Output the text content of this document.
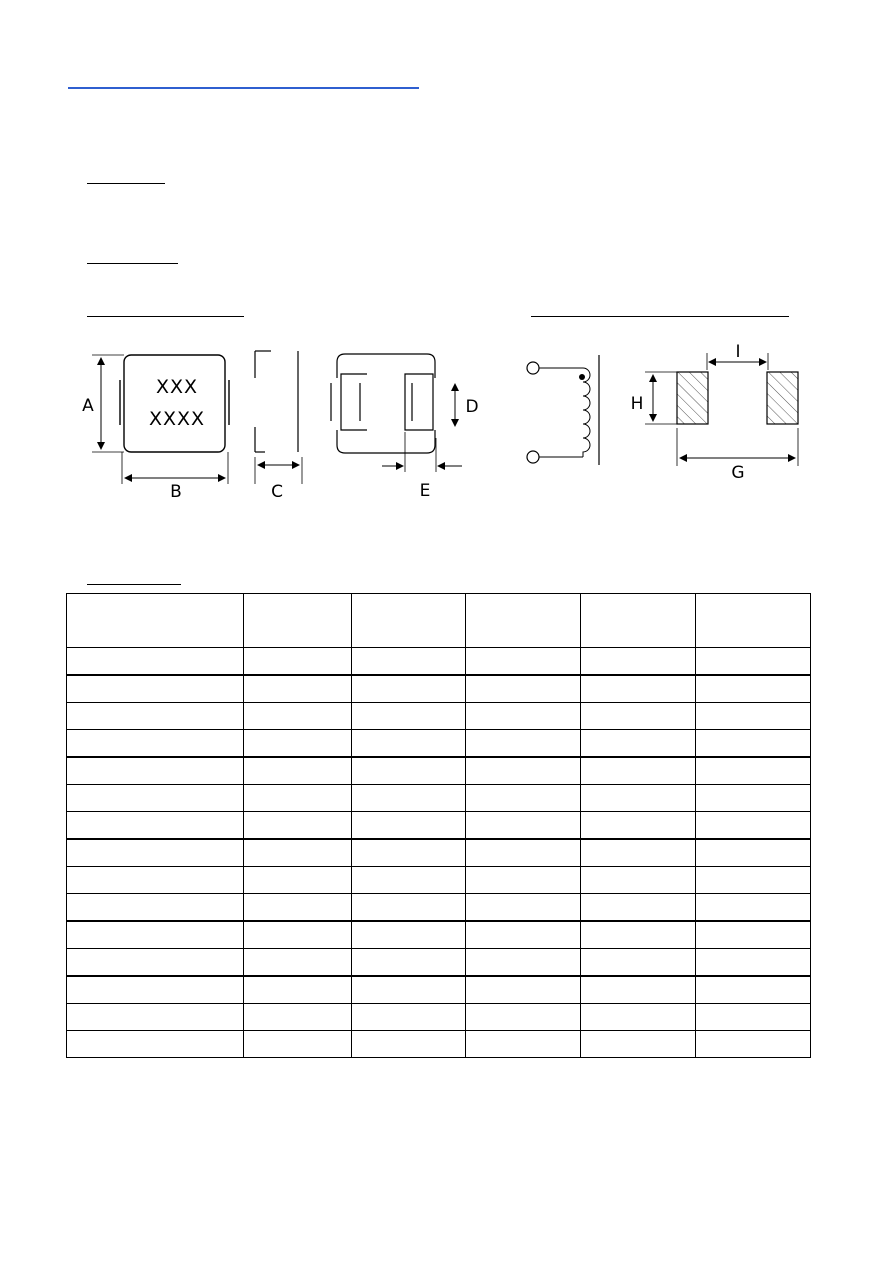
XXX
XXXX
A
B	C
D
E
I
H
G
